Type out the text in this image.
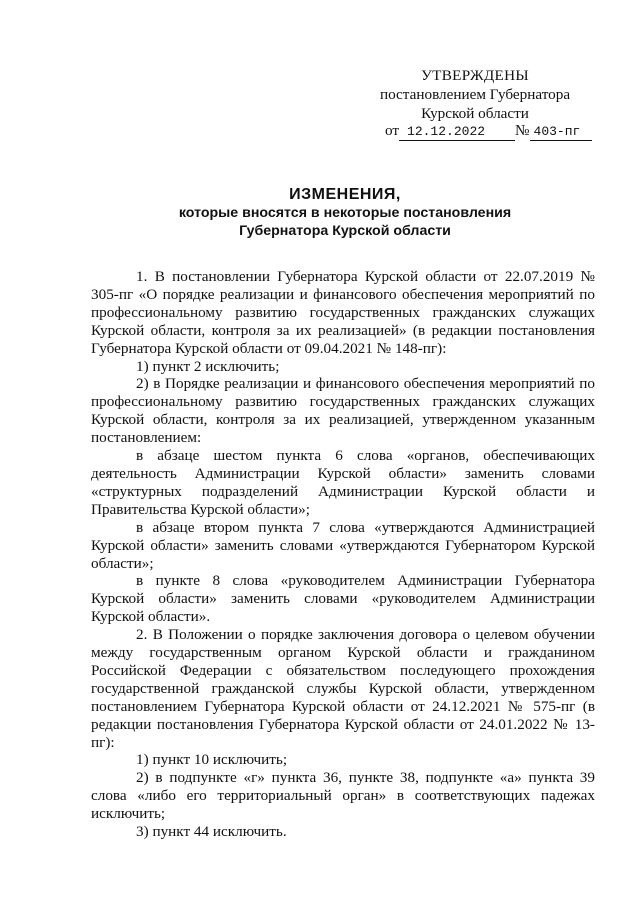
УТВЕРЖДЕНЫ
постановлением Губернатора
Курской области
от 12.12.2022 № 403-пг
ИЗМЕНЕНИЯ,
которые вносятся в некоторые постановления
Губернатора Курской области

1. В постановлении Губернатора Курской области от 22.07.2019 № 305-пг «О порядке реализации и финансового обеспечения мероприятий по профессиональному развитию государственных гражданских служащих Курской области, контроля за их реализацией» (в редакции постановления Губернатора Курской области от 09.04.2021 № 148-пг):

1) пункт 2 исключить;

2) в Порядке реализации и финансового обеспечения мероприятий по профессиональному развитию государственных гражданских служащих Курской области, контроля за их реализацией, утвержденном указанным постановлением:

в абзаце шестом пункта 6 слова «органов, обеспечивающих деятельность Администрации Курской области» заменить словами «структурных подразделений Администрации Курской области и Правительства Курской области»;

в абзаце втором пункта 7 слова «утверждаются Администрацией Курской области» заменить словами «утверждаются Губернатором Курской области»;

в пункте 8 слова «руководителем Администрации Губернатора Курской области» заменить словами «руководителем Администрации Курской области».

2. В Положении о порядке заключения договора о целевом обучении между государственным органом Курской области и гражданином Российской Федерации с обязательством последующего прохождения государственной гражданской службы Курской области, утвержденном постановлением Губернатора Курской области от 24.12.2021 № 575-пг (в редакции постановления Губернатора Курской области от 24.01.2022 № 13-пг):

1) пункт 10 исключить;

2) в подпункте «г» пункта 36, пункте 38, подпункте «а» пункта 39 слова «либо его территориальный орган» в соответствующих падежах исключить;

3) пункт 44 исключить.
